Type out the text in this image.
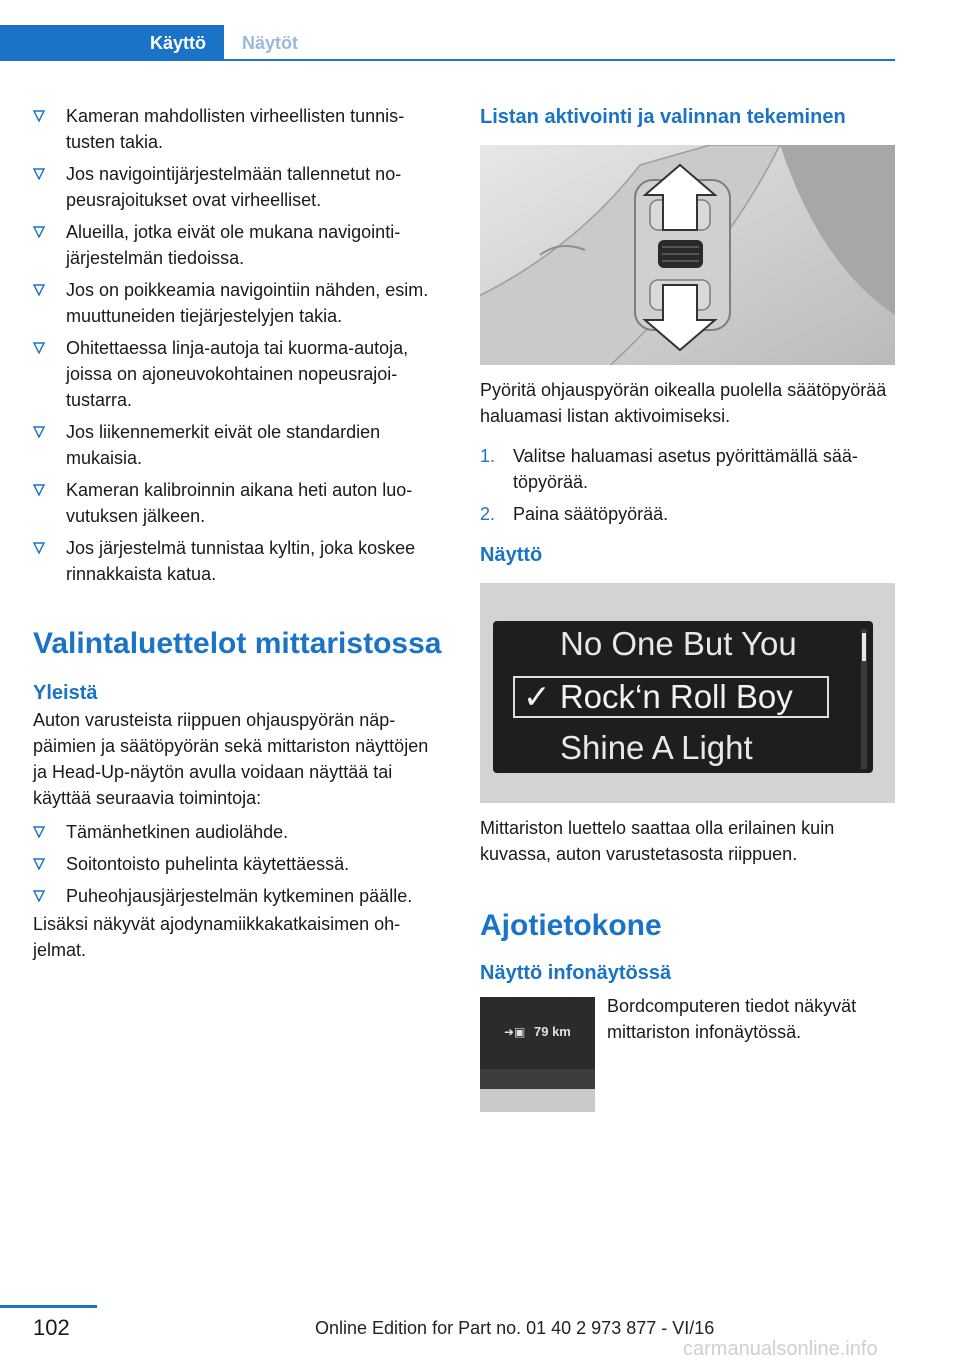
Käyttö	Näytöt
Kameran mahdollisten virheellisten tunnistusten takia.
Jos navigointijärjestelmään tallennetut nopeusrajoitukset ovat virheelliset.
Alueilla, jotka eivät ole mukana navigointijärjestelmän tiedoissa.
Jos on poikkeamia navigointiin nähden, esim. muuttuneiden tiejärjestelyjen takia.
Ohitettaessa linja-autoja tai kuorma-autoja, joissa on ajoneuvokohtainen nopeusrajoitustarra.
Jos liikennemerkit eivät ole standardien mukaisia.
Kameran kalibroinnin aikana heti auton luovutuksen jälkeen.
Jos järjestelmä tunnistaa kyltin, joka koskee rinnakkaista katua.
Valintaluettelot mittaristossa
Yleistä

Auton varusteista riippuen ohjauspyörän näppäimien ja säätöpyörän sekä mittariston näyttöjen ja Head-Up-näytön avulla voidaan näyttää tai käyttää seuraavia toimintoja:

Tämänhetkinen audiolähde.
Soitontoisto puhelinta käytettäessä.
Puheohjausjärjestelmän kytkeminen päälle.

Lisäksi näkyvät ajodynamiikkakatkaisimen ohjelmat.

Listan aktivointi ja valinnan tekeminen

Pyöritä ohjauspyörän oikealla puolella säätöpyörää haluamasi listan aktivoimiseksi.

1. Valitse haluamasi asetus pyörittämällä säätöpyörää.
2. Paina säätöpyörää.
Näyttö
No One But You
✓ Rock‘n Roll Boy
Shine A Light

Mittariston luettelo saattaa olla erilainen kuin kuvassa, auton varustetasosta riippuen.

Ajotietokone
Näyttö infonäytössä
➜▣ 79 km

Bordcomputeren tiedot näkyvät mittariston infonäytössä.

102	Online Edition for Part no. 01 40 2 973 877 - VI/16
carmanualsonline.info
